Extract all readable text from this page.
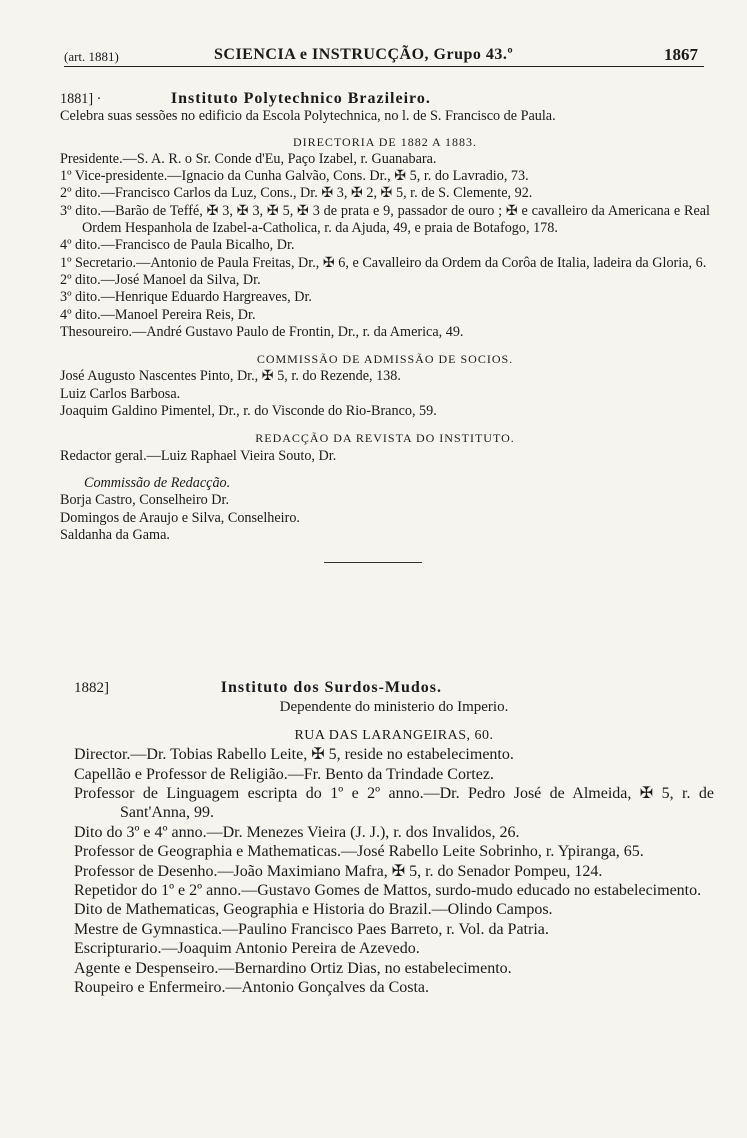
(art. 1881)	SCIENCIA e INSTRUCÇÃO, Grupo 43.º	1867
1881] ·	Instituto Polytechnico Brazileiro.
Celebra suas sessões no edificio da Escola Polytechnica, no l. de S. Francisco de Paula.
DIRECTORIA DE 1882 A 1883.
Presidente.—S. A. R. o Sr. Conde d'Eu, Paço Izabel, r. Guanabara.
1º Vice-presidente.—Ignacio da Cunha Galvão, Cons. Dr., ✠ 5, r. do Lavradio, 73.
2º dito.—Francisco Carlos da Luz, Cons., Dr. ✠ 3, ✠ 2, ✠ 5, r. de S. Clemente, 92.
3º dito.—Barão de Teffé, ✠ 3, ✠ 3, ✠ 5, ✠ 3 de prata e 9, passador de ouro ; ✠ e cavalleiro da Americana e Real Ordem Hespanhola de Izabel-a-Catholica, r. da Ajuda, 49, e praia de Botafogo, 178.
4º dito.—Francisco de Paula Bicalho, Dr.
1º Secretario.—Antonio de Paula Freitas, Dr., ✠ 6, e Cavalleiro da Ordem da Corôa de Italia, ladeira da Gloria, 6.
2º dito.—José Manoel da Silva, Dr.
3º dito.—Henrique Eduardo Hargreaves, Dr.
4º dito.—Manoel Pereira Reis, Dr.
Thesoureiro.—André Gustavo Paulo de Frontin, Dr., r. da America, 49.
COMMISSÃO DE ADMISSÃO DE SOCIOS.
José Augusto Nascentes Pinto, Dr., ✠ 5, r. do Rezende, 138.
Luiz Carlos Barbosa.
Joaquim Galdino Pimentel, Dr., r. do Visconde do Rio-Branco, 59.
REDACÇÃO DA REVISTA DO INSTITUTO.
Redactor geral.—Luiz Raphael Vieira Souto, Dr.
Commissão de Redacção.
Borja Castro, Conselheiro Dr.
Domingos de Araujo e Silva, Conselheiro.
Saldanha da Gama.
1882]	Instituto dos Surdos-Mudos.
Dependente do ministerio do Imperio.
RUA DAS LARANGEIRAS, 60.
Director.—Dr. Tobias Rabello Leite, ✠ 5, reside no estabelecimento.
Capellão e Professor de Religião.—Fr. Bento da Trindade Cortez.
Professor de Linguagem escripta do 1º e 2º anno.—Dr. Pedro José de Almeida, ✠ 5, r. de Sant'Anna, 99.
Dito do 3º e 4º anno.—Dr. Menezes Vieira (J. J.), r. dos Invalidos, 26.
Professor de Geographia e Mathematicas.—José Rabello Leite Sobrinho, r. Ypiranga, 65.
Professor de Desenho.—João Maximiano Mafra, ✠ 5, r. do Senador Pompeu, 124.
Repetidor do 1º e 2º anno.—Gustavo Gomes de Mattos, surdo-mudo educado no estabelecimento.
Dito de Mathematicas, Geographia e Historia do Brazil.—Olindo Campos.
Mestre de Gymnastica.—Paulino Francisco Paes Barreto, r. Vol. da Patria.
Escripturario.—Joaquim Antonio Pereira de Azevedo.
Agente e Despenseiro.—Bernardino Ortiz Dias, no estabelecimento.
Roupeiro e Enfermeiro.—Antonio Gonçalves da Costa.
